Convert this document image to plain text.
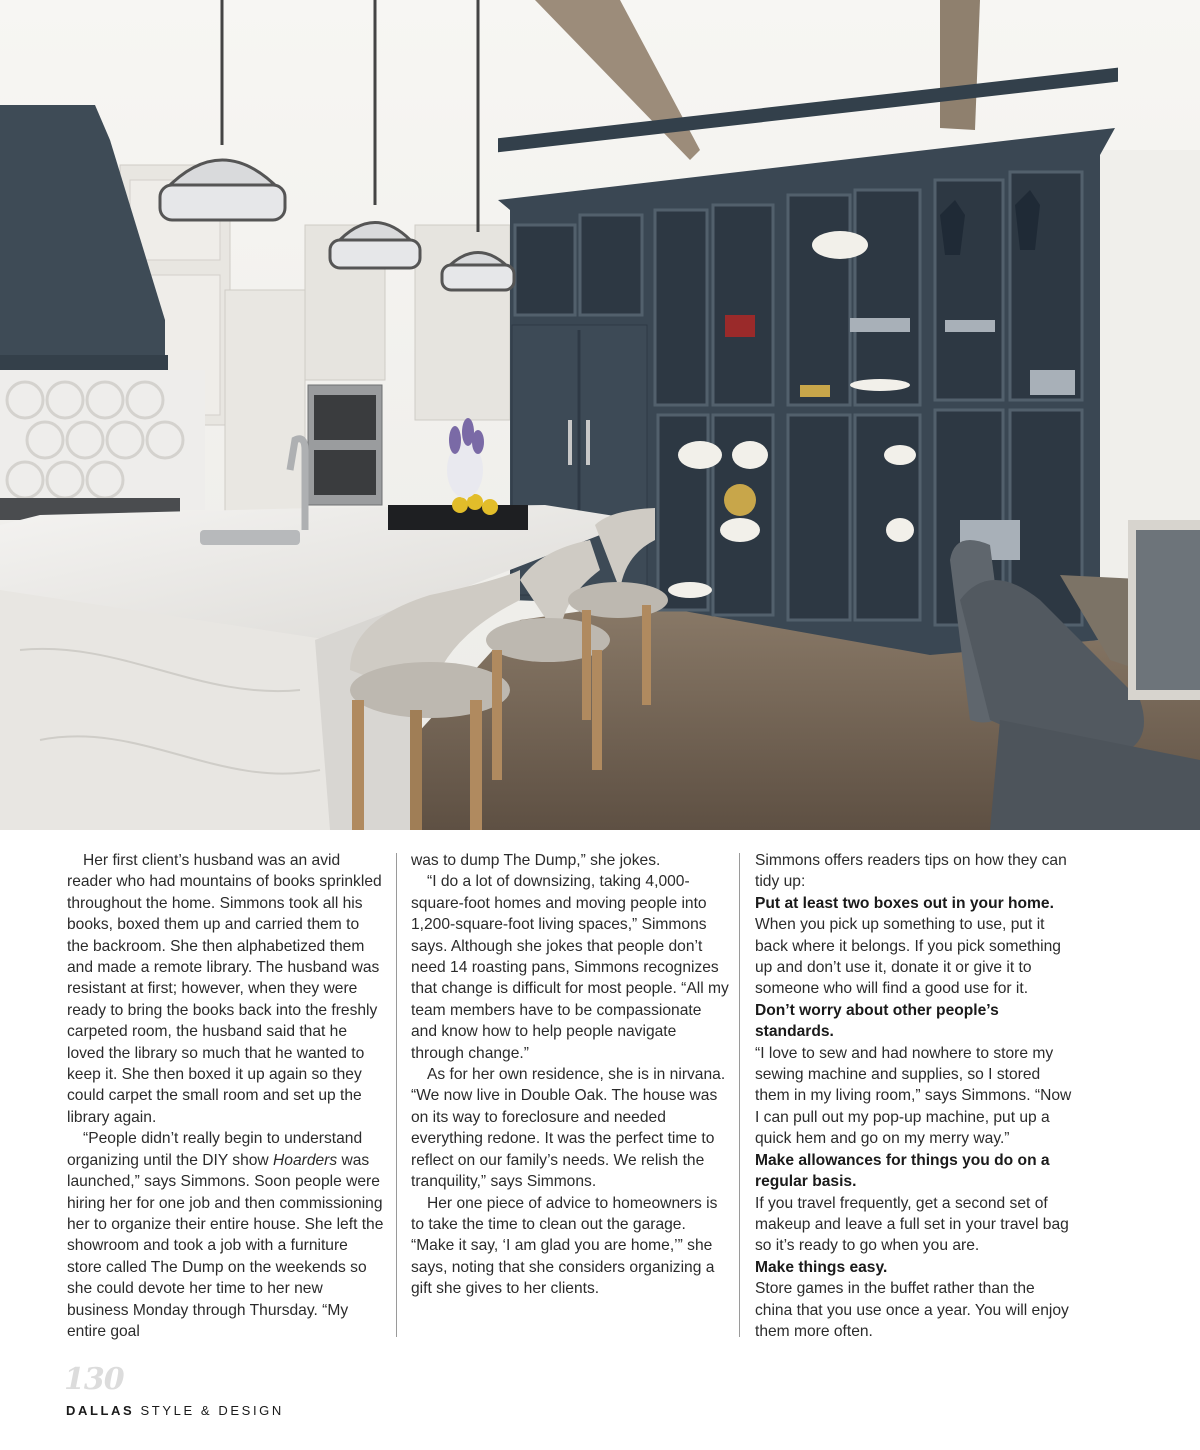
Her first client’s husband was an avid reader who had mountains of books sprinkled throughout the home. Simmons took all his books, boxed them up and carried them to the backroom. She then alphabetized them and made a remote library. The husband was resistant at first; however, when they were ready to bring the books back into the freshly carpeted room, the husband said that he loved the library so much that he wanted to keep it. She then boxed it up again so they could carpet the small room and set up the library again.

“People didn’t really begin to understand organizing until the DIY show Hoarders was launched,” says Simmons. Soon people were hiring her for one job and then commissioning her to organize their entire house. She left the showroom and took a job with a furniture store called The Dump on the weekends so she could devote her time to her new business Monday through Thursday. “My entire goal

was to dump The Dump,” she jokes.

“I do a lot of downsizing, taking 4,000-square-foot homes and moving people into 1,200-square-foot living spaces,” Simmons says. Although she jokes that people don’t need 14 roasting pans, Simmons recognizes that change is difficult for most people. “All my team members have to be compassionate and know how to help people navigate through change.”

As for her own residence, she is in nirvana. “We now live in Double Oak. The house was on its way to foreclosure and needed everything redone. It was the perfect time to reflect on our family’s needs. We relish the tranquility,” says Simmons.

Her one piece of advice to homeowners is to take the time to clean out the garage. “Make it say, ‘I am glad you are home,’” she says, noting that she considers organizing a gift she gives to her clients.

Simmons offers readers tips on how they can tidy up:

Put at least two boxes out in your home.

When you pick up something to use, put it back where it belongs. If you pick something up and don’t use it, donate it or give it to someone who will find a good use for it.

Don’t worry about other people’s standards.

“I love to sew and had nowhere to store my sewing machine and supplies, so I stored them in my living room,” says Simmons. “Now I can pull out my pop-up machine, put up a quick hem and go on my merry way.”

Make allowances for things you do on a regular basis.

If you travel frequently, get a second set of makeup and leave a full set in your travel bag so it’s ready to go when you are.

Make things easy.

Store games in the buffet rather than the china that you use once a year. You will enjoy them more often.

130
DALLAS STYLE & DESIGN
